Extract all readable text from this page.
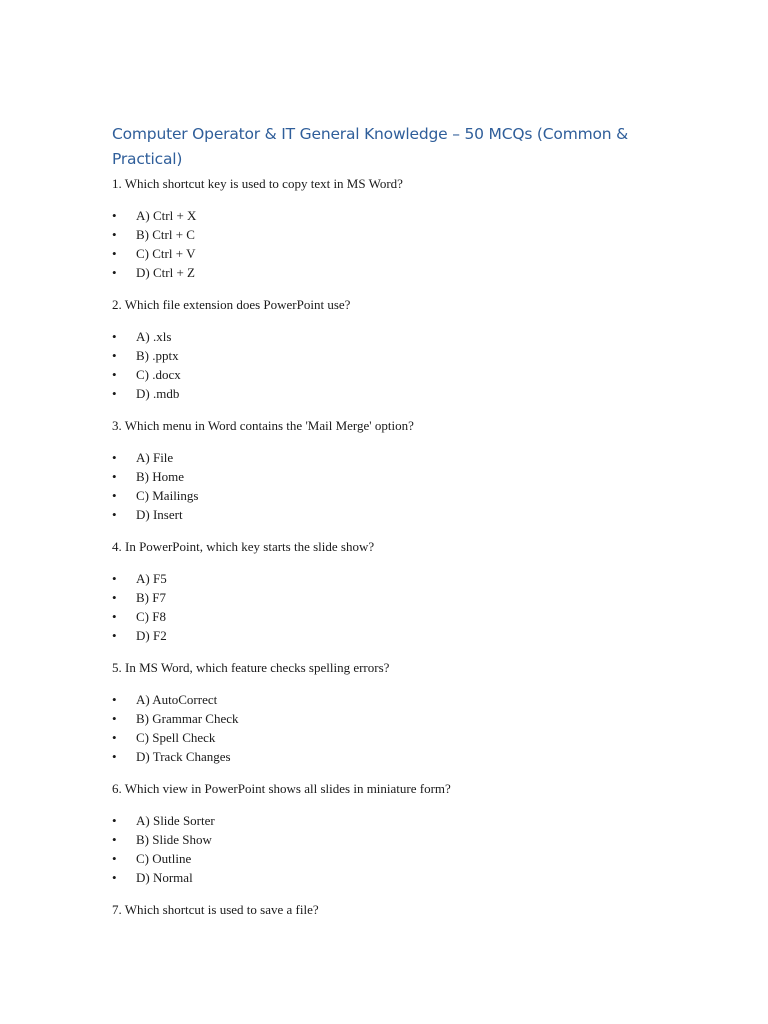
Computer Operator & IT General Knowledge – 50 MCQs (Common & Practical)

1. Which shortcut key is used to copy text in MS Word?

• A) Ctrl + X
• B) Ctrl + C
• C) Ctrl + V
• D) Ctrl + Z

2. Which file extension does PowerPoint use?

• A) .xls
• B) .pptx
• C) .docx
• D) .mdb

3. Which menu in Word contains the 'Mail Merge' option?

• A) File
• B) Home
• C) Mailings
• D) Insert

4. In PowerPoint, which key starts the slide show?

• A) F5
• B) F7
• C) F8
• D) F2

5. In MS Word, which feature checks spelling errors?

• A) AutoCorrect
• B) Grammar Check
• C) Spell Check
• D) Track Changes

6. Which view in PowerPoint shows all slides in miniature form?

• A) Slide Sorter
• B) Slide Show
• C) Outline
• D) Normal

7. Which shortcut is used to save a file?
